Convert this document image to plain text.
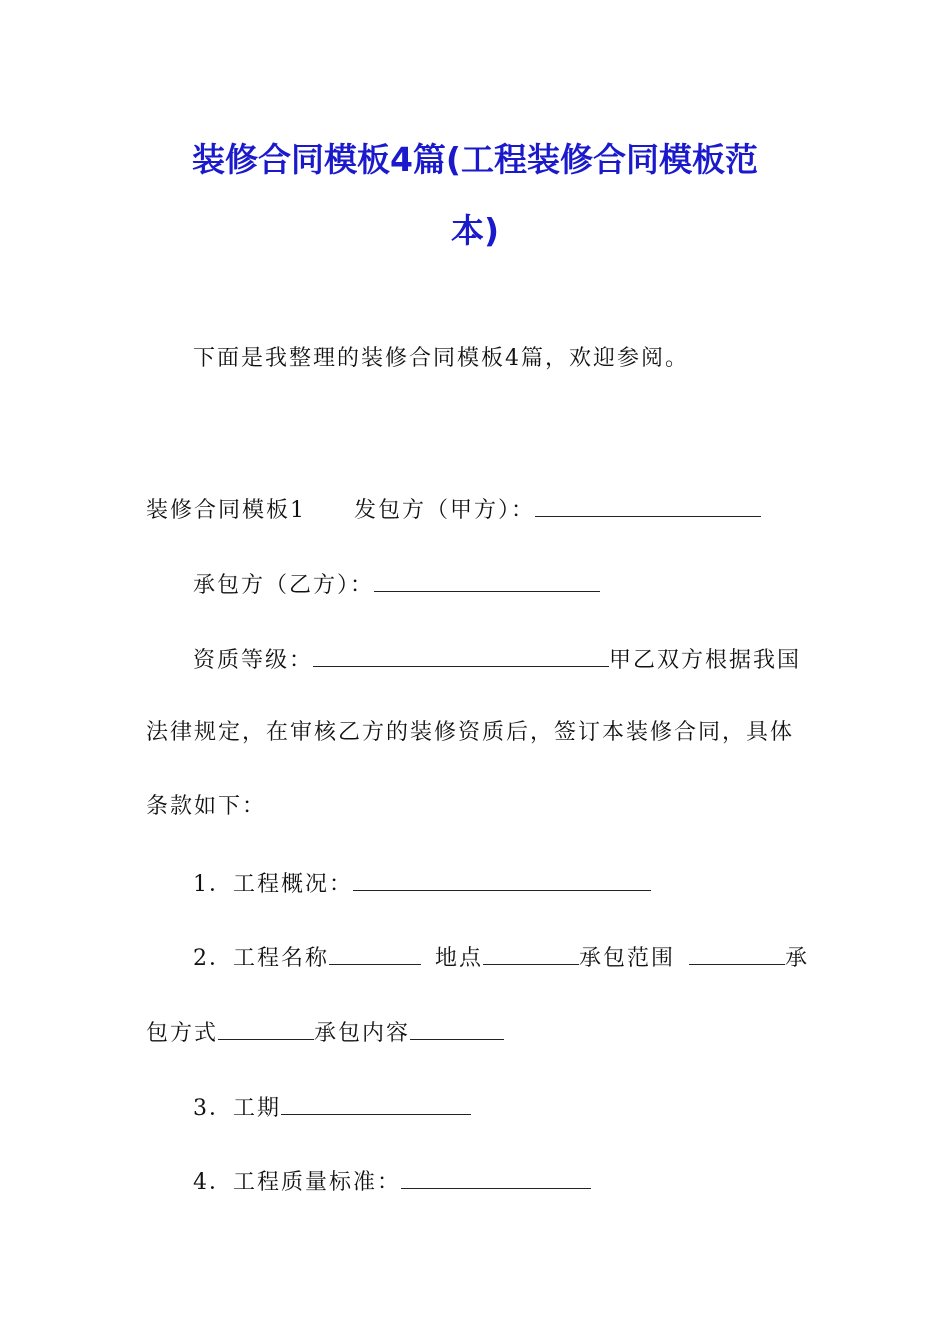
装修合同模板4篇(工程装修合同模板范
本)
下面是我整理的装修合同模板4篇，欢迎参阅。
装修合同模板1 发包方（甲方）：
承包方（乙方）：
资质等级：	甲乙双方根据我国
法律规定，在审核乙方的装修资质后，签订本装修合同，具体
条款如下：
1．工程概况：
2．工程名称	地点	承包范围	承
包方式	承包内容
3．工期
4．工程质量标准：
